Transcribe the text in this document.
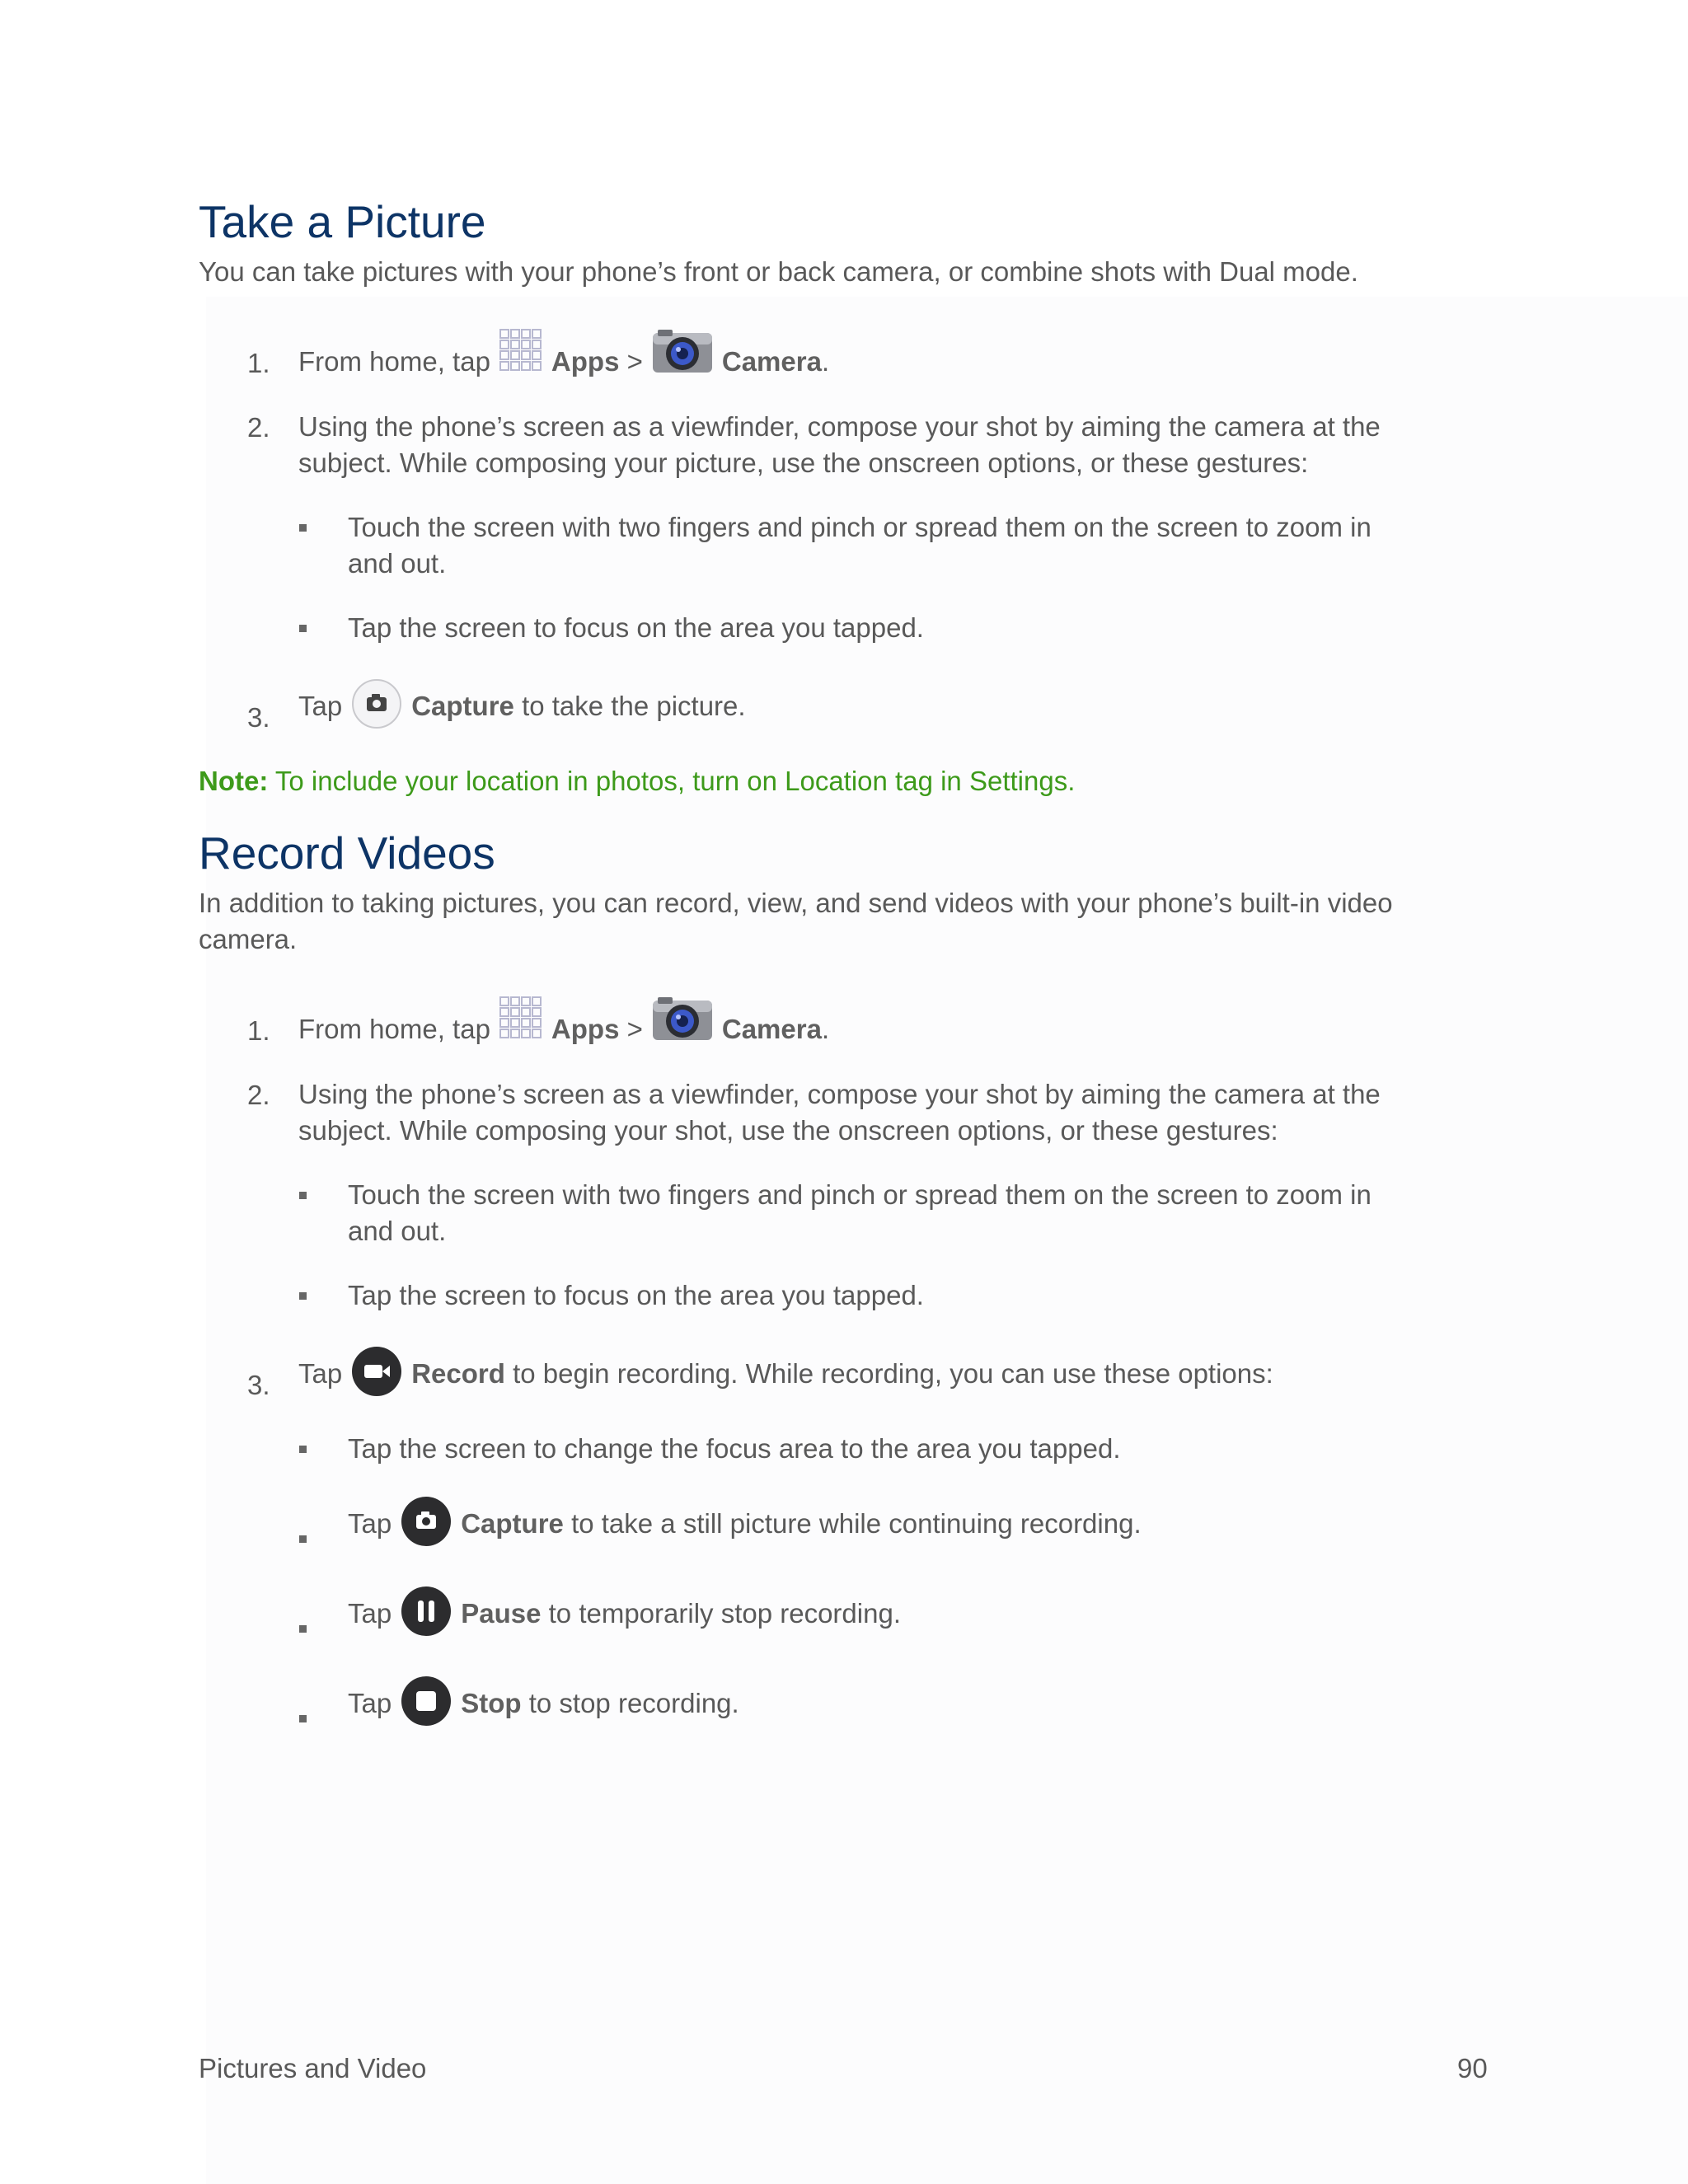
Take a Picture
You can take pictures with your phone’s front or back camera, or combine shots with Dual mode.
1. From home, tap Apps >	Camera.
2. Using the phone’s screen as a viewfinder, compose your shot by aiming the camera at the
subject. While composing your picture, use the onscreen options, or these gestures:
Touch the screen with two fingers and pinch or spread them on the screen to zoom in
and out.
Tap the screen to focus on the area you tapped.
3. Tap	Capture to take the picture.
Note: To include your location in photos, turn on Location tag in Settings.
Record Videos
In addition to taking pictures, you can record, view, and send videos with your phone’s built-in video
camera.
1. From home, tap Apps >	Camera.
2. Using the phone’s screen as a viewfinder, compose your shot by aiming the camera at the
subject. While composing your shot, use the onscreen options, or these gestures:
Touch the screen with two fingers and pinch or spread them on the screen to zoom in
and out.
Tap the screen to focus on the area you tapped.
3. Tap	Record to begin recording. While recording, you can use these options:
Tap the screen to change the focus area to the area you tapped.
Tap	Capture to take a still picture while continuing recording.
Tap	Pause to temporarily stop recording.
Tap	Stop to stop recording.
Pictures and Video	90
